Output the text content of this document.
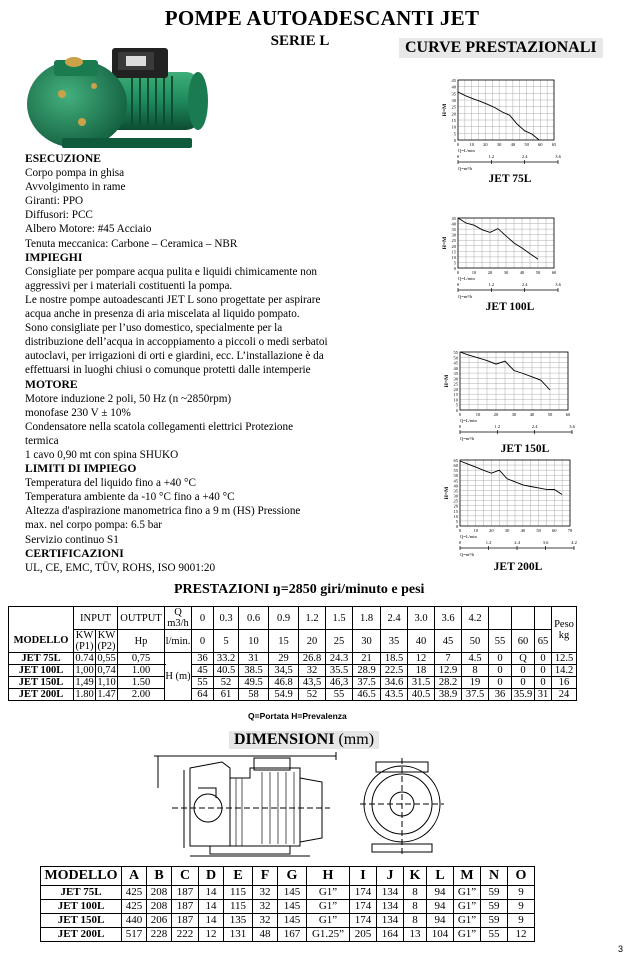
POMPE AUTOADESCANTI JET
SERIE L	CURVE PRESTAZIONALI
ESECUZIONE
Corpo pompa in ghisa
Avvolgimento in rame
Giranti: PPO
Diffusori: PCC
Albero Motore: #45 Acciaio
Tenuta meccanica: Carbone – Ceramica – NBR
IMPIEGHI
Consigliate per pompare acqua pulita e liquidi chimicamente non
aggressivi per i materiali costituenti la pompa.
Le nostre pompe autoadescanti JET L sono progettate per aspirare
acqua anche in presenza di aria miscelata al liquido pompato.
Sono consigliate per l’uso domestico, specialmente per la
distribuzione dell’acqua in accoppiamento a piccoli o medi serbatoi
autoclavi, per irrigazioni di orti e giardini, ecc. L’installazione è da
effettuarsi in luoghi chiusi o comunque protetti dalle intemperie
MOTORE
Motore induzione 2 poli, 50 Hz (n ~2850rpm)
monofase 230 V ± 10%
Condensatore nella scatola collegamenti elettrici Protezione
termica
1 cavo 0,90 mt con spina SHUKO
LIMITI DI IMPIEGO
Temperatura del liquido fino a +40 °C
Temperatura ambiente da -10 °C fino a +40 °C
Altezza d'aspirazione manometrica fino a 9 m (HS) Pressione
max. nel corpo pompa: 6.5 bar
Servizio continuo S1
CERTIFICAZIONI
UL, CE, EMC, TÜV, ROHS, ISO 9001:20
45
40
35
30
25
20
15
10
5
0
0 10 20 30 40 50 60 65
H=M
Q=L/min
0	1.2	2.4	3.6
Q=m³/h
JET 75L
45
40
35
30
25
20
15
10
5
0
0	10	20	30	40	50	60
H=M
Q=L/min
0	1.2	2.4	3.6
Q=m³/h
JET 100L
55
50
45
40
35
30
25
20
15
10
5
0
0	10	20	30	40	50	60
H=M
Q=L/min
0	1.2	2.4	3.6
Q=m³/h
JET 150L
65
60
55
50
45
40
35
30
25
20
15
10
5
0
0	10 20 30 40 50 60 70
H=M
Q=L/min
0	1.2	2.4	3.6	4.2
Q=m³/h
JET 200L
PRESTAZIONI ŋ=2850 giri/minuto e pesi
	INPUT		OUTPUT	Q m3/h	0	0.3	0.6	0.9	1.2	1.5	1.8	2.4	3.0	3.6	4.2				Peso kg
MODELLO	KW (P1)	KW (P2)	Hp	l/min.	0	5	10	15	20	25	30	35	40	45	50	55	60	65	
JET 75L	0.74	0,55	0,75	H (m)	36	33.2	31	29	26.8	24.3	21	18.5	12	7	4.5	0	Q	0	12.5
JET 100L	1,00	0,74	1.00		45	40.5	38.5	34,5	32	35.5	28.9	22.5	18	12.9	8	0	0	0	14.2
JET 150L	1,49	1,10	1.50		55	52	49.5	46.8	43,5	46,3	37.5	34.6	31.5	28.2	19	0	0	0	16
JET 200L	1.80	1.47	2.00		64	61	58	54.9	52	55	46.5	43.5	40.5	38.9	37.5	36	35.9	31	24
Q=Portata H=Prevalenza
DIMENSIONI (mm)
MODELLO	A	B	C	D	E	F	G	H	I	J	K	L	M	N	O
JET 75L	425	208	187	14	115	32	145	G1”	174	134	8	94	G1”	59	9
JET 100L	425	208	187	14	115	32	145	G1”	174	134	8	94	G1”	59	9
JET 150L	440	206	187	14	135	32	145	G1”	174	134	8	94	G1”	59	9
JET 200L	517	228	222	12	131	48	167	G1.25”	205	164	13	104	G1”	55	12
3
